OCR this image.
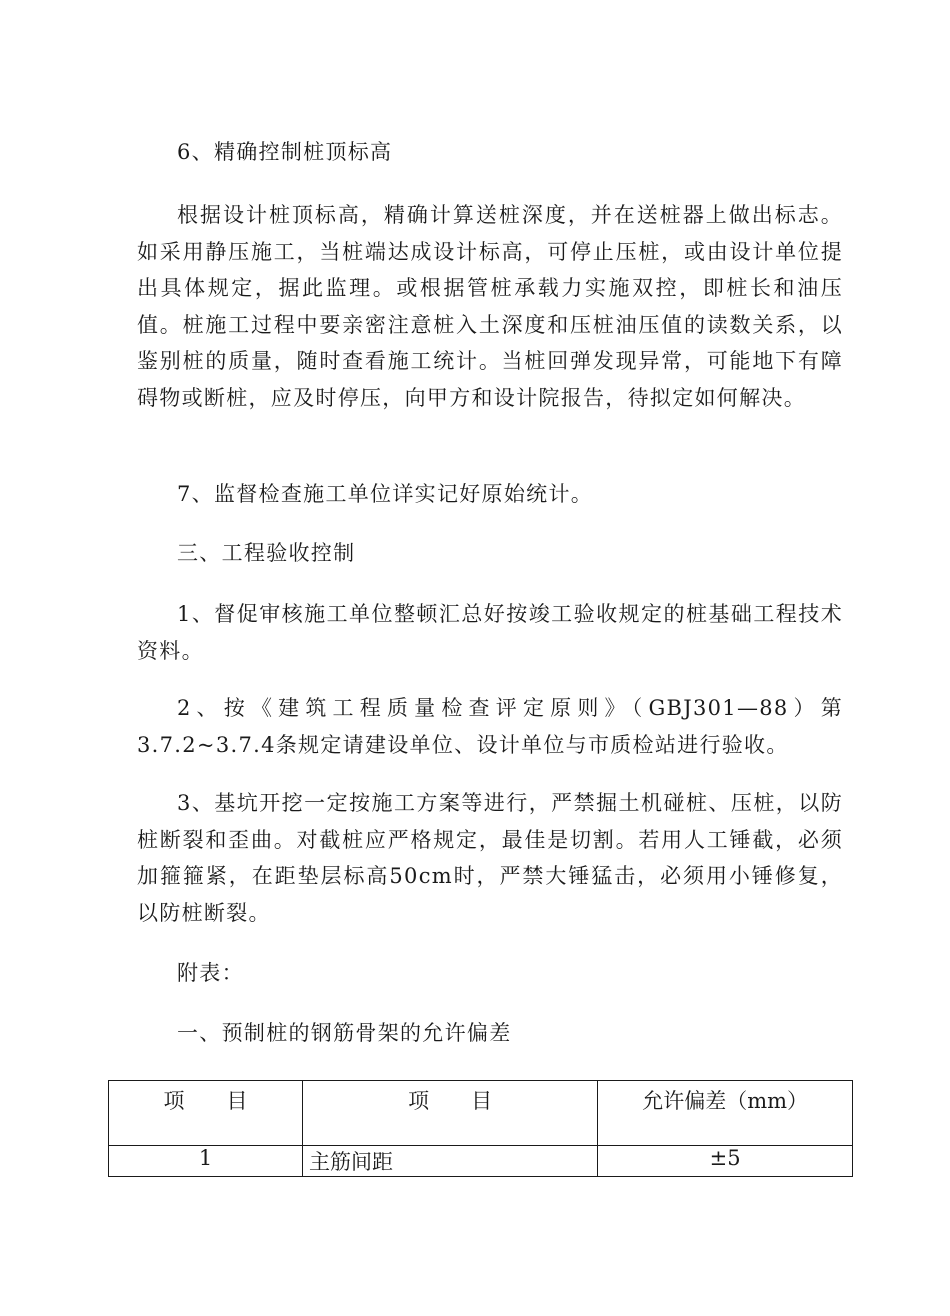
6、精确控制桩顶标高

根据设计桩顶标高，精确计算送桩深度，并在送桩器上做出标志。如采用静压施工，当桩端达成设计标高，可停止压桩，或由设计单位提出具体规定，据此监理。或根据管桩承载力实施双控，即桩长和油压值。桩施工过程中要亲密注意桩入土深度和压桩油压值的读数关系，以鉴别桩的质量，随时查看施工统计。当桩回弹发现异常，可能地下有障碍物或断桩，应及时停压，向甲方和设计院报告，待拟定如何解决。

7、监督检查施工单位详实记好原始统计。

三、工程验收控制

1、督促审核施工单位整顿汇总好按竣工验收规定的桩基础工程技术资料。

2、按《建筑工程质量检查评定原则》（GBJ301—88）第3.7.2~3.7.4条规定请建设单位、设计单位与市质检站进行验收。

3、基坑开挖一定按施工方案等进行，严禁掘土机碰桩、压桩，以防桩断裂和歪曲。对截桩应严格规定，最佳是切割。若用人工锤截，必须加箍箍紧，在距垫层标高50cm时，严禁大锤猛击，必须用小锤修复，以防桩断裂。

附表：

一、预制桩的钢筋骨架的允许偏差

项　　目	项　　目	允许偏差（mm）
1	主筋间距	±5
